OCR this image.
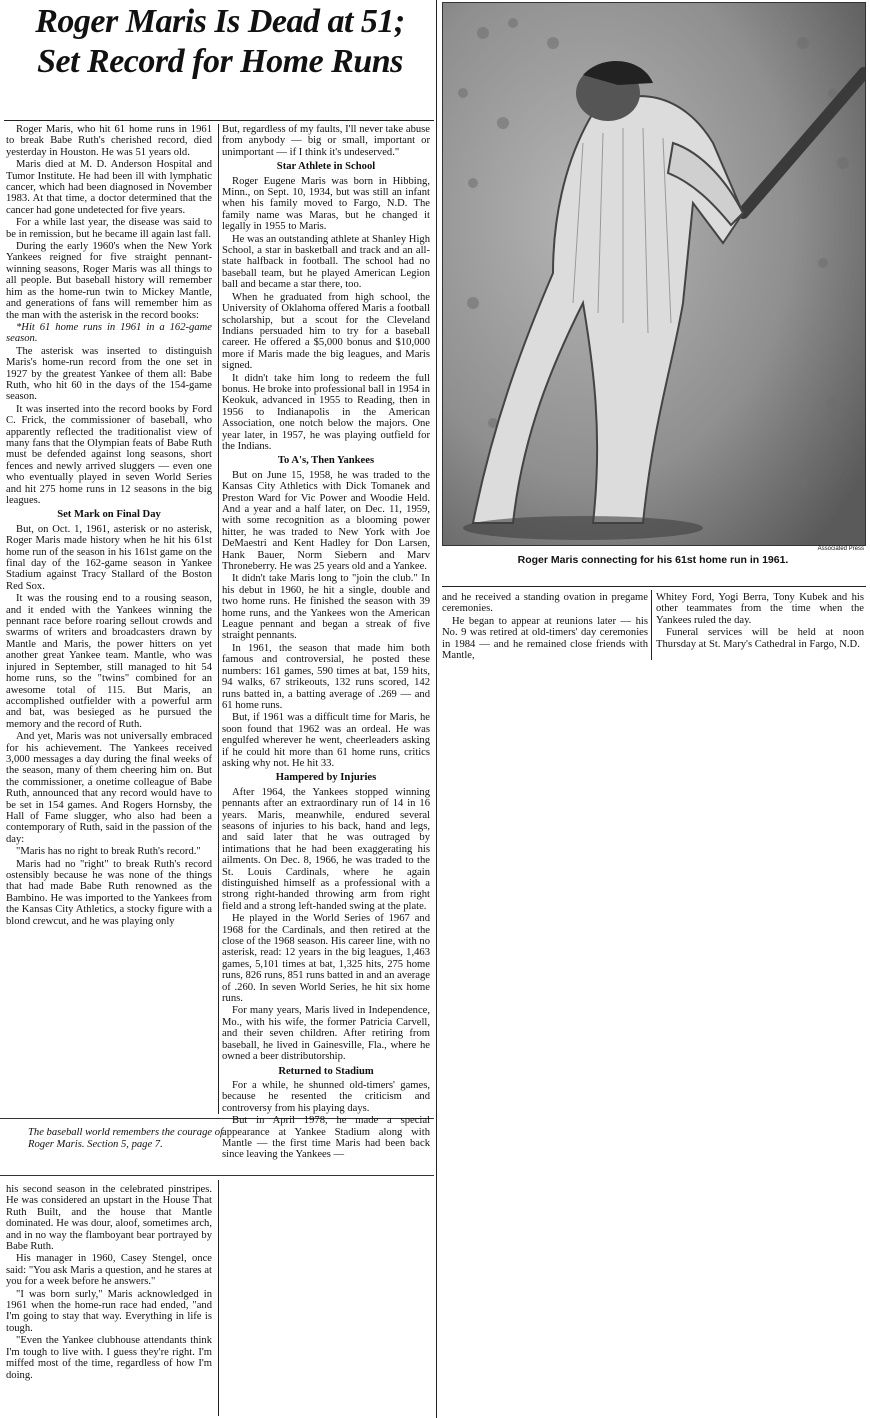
Roger Maris Is Dead at 51;
Set Record for Home Runs

Roger Maris, who hit 61 home runs in 1961 to break Babe Ruth's cherished record, died yesterday in Houston. He was 51 years old.

Maris died at M. D. Anderson Hospital and Tumor Institute. He had been ill with lymphatic cancer, which had been diagnosed in November 1983. At that time, a doctor determined that the cancer had gone undetected for five years.

For a while last year, the disease was said to be in remission, but he became ill again last fall.

During the early 1960's when the New York Yankees reigned for five straight pennant-winning seasons, Roger Maris was all things to all people. But baseball history will remember him as the home-run twin to Mickey Mantle, and generations of fans will remember him as the man with the asterisk in the record books:

*Hit 61 home runs in 1961 in a 162-game season.

The asterisk was inserted to distinguish Maris's home-run record from the one set in 1927 by the greatest Yankee of them all: Babe Ruth, who hit 60 in the days of the 154-game season.

It was inserted into the record books by Ford C. Frick, the commissioner of baseball, who apparently reflected the traditionalist view of many fans that the Olympian feats of Babe Ruth must be defended against long seasons, short fences and newly arrived sluggers — even one who eventually played in seven World Series and hit 275 home runs in 12 seasons in the big leagues.

Set Mark on Final Day

But, on Oct. 1, 1961, asterisk or no asterisk, Roger Maris made history when he hit his 61st home run of the season in his 161st game on the final day of the 162-game season in Yankee Stadium against Tracy Stallard of the Boston Red Sox.

It was the rousing end to a rousing season, and it ended with the Yankees winning the pennant race before roaring sellout crowds and swarms of writers and broadcasters drawn by Mantle and Maris, the power hitters on yet another great Yankee team. Mantle, who was injured in September, still managed to hit 54 home runs, so the "twins" combined for an awesome total of 115. But Maris, an accomplished outfielder with a powerful arm and bat, was besieged as he pursued the memory and the record of Ruth.

And yet, Maris was not universally embraced for his achievement. The Yankees received 3,000 messages a day during the final weeks of the season, many of them cheering him on. But the commissioner, a onetime colleague of Babe Ruth, announced that any record would have to be set in 154 games. And Rogers Hornsby, the Hall of Fame slugger, who also had been a contemporary of Ruth, said in the passion of the day:

"Maris has no right to break Ruth's record."

Maris had no "right" to break Ruth's record ostensibly because he was none of the things that had made Babe Ruth renowned as the Bambino. He was imported to the Yankees from the Kansas City Athletics, a stocky figure with a blond crewcut, and he was playing only

The baseball world remembers the courage of Roger Maris. Section 5, page 7.

his second season in the celebrated pinstripes. He was considered an upstart in the House That Ruth Built, and the house that Mantle dominated. He was dour, aloof, sometimes arch, and in no way the flamboyant bear portrayed by Babe Ruth.

His manager in 1960, Casey Stengel, once said: "You ask Maris a question, and he stares at you for a week before he answers."

"I was born surly," Maris acknowledged in 1961 when the home-run race had ended, "and I'm going to stay that way. Everything in life is tough.

"Even the Yankee clubhouse attendants think I'm tough to live with. I guess they're right. I'm miffed most of the time, regardless of how I'm doing.

But, regardless of my faults, I'll never take abuse from anybody — big or small, important or unimportant — if I think it's undeserved."

Star Athlete in School

Roger Eugene Maris was born in Hibbing, Minn., on Sept. 10, 1934, but was still an infant when his family moved to Fargo, N.D. The family name was Maras, but he changed it legally in 1955 to Maris.

He was an outstanding athlete at Shanley High School, a star in basketball and track and an all-state halfback in football. The school had no baseball team, but he played American Legion ball and became a star there, too.

When he graduated from high school, the University of Oklahoma offered Maris a football scholarship, but a scout for the Cleveland Indians persuaded him to try for a baseball career. He offered a $5,000 bonus and $10,000 more if Maris made the big leagues, and Maris signed.

It didn't take him long to redeem the full bonus. He broke into professional ball in 1954 in Keokuk, advanced in 1955 to Reading, then in 1956 to Indianapolis in the American Association, one notch below the majors. One year later, in 1957, he was playing outfield for the Indians.

To A's, Then Yankees

But on June 15, 1958, he was traded to the Kansas City Athletics with Dick Tomanek and Preston Ward for Vic Power and Woodie Held. And a year and a half later, on Dec. 11, 1959, with some recognition as a blooming power hitter, he was traded to New York with Joe DeMaestri and Kent Hadley for Don Larsen, Hank Bauer, Norm Siebern and Marv Throneberry. He was 25 years old and a Yankee.

It didn't take Maris long to "join the club." In his debut in 1960, he hit a single, double and two home runs. He finished the season with 39 home runs, and the Yankees won the American League pennant and began a streak of five straight pennants.

In 1961, the season that made him both famous and controversial, he posted these numbers: 161 games, 590 times at bat, 159 hits, 94 walks, 67 strikeouts, 132 runs scored, 142 runs batted in, a batting average of .269 — and 61 home runs.

But, if 1961 was a difficult time for Maris, he soon found that 1962 was an ordeal. He was engulfed wherever he went, cheerleaders asking if he could hit more than 61 home runs, critics asking why not. He hit 33.

Hampered by Injuries

After 1964, the Yankees stopped winning pennants after an extraordinary run of 14 in 16 years. Maris, meanwhile, endured several seasons of injuries to his back, hand and legs, and said later that he was outraged by intimations that he had been exaggerating his ailments. On Dec. 8, 1966, he was traded to the St. Louis Cardinals, where he again distinguished himself as a professional with a strong right-handed throwing arm from right field and a strong left-handed swing at the plate.

He played in the World Series of 1967 and 1968 for the Cardinals, and then retired at the close of the 1968 season. His career line, with no asterisk, read: 12 years in the big leagues, 1,463 games, 5,101 times at bat, 1,325 hits, 275 home runs, 826 runs, 851 runs batted in and an average of .260. In seven World Series, he hit six home runs.

For many years, Maris lived in Independence, Mo., with his wife, the former Patricia Carvell, and their seven children. After retiring from baseball, he lived in Gainesville, Fla., where he owned a beer distributorship.

Returned to Stadium

For a while, he shunned old-timers' games, because he resented the criticism and controversy from his playing days.

But in April 1978, he made a special appearance at Yankee Stadium along with Mantle — the first time Maris had been back since leaving the Yankees —

Associated Press
Roger Maris connecting for his 61st home run in 1961.

and he received a standing ovation in pregame ceremonies.

He began to appear at reunions later — his No. 9 was retired at old-timers' day ceremonies in 1984 — and he remained close friends with Mantle,

Whitey Ford, Yogi Berra, Tony Kubek and his other teammates from the time when the Yankees ruled the day.

Funeral services will be held at noon Thursday at St. Mary's Cathedral in Fargo, N.D.
